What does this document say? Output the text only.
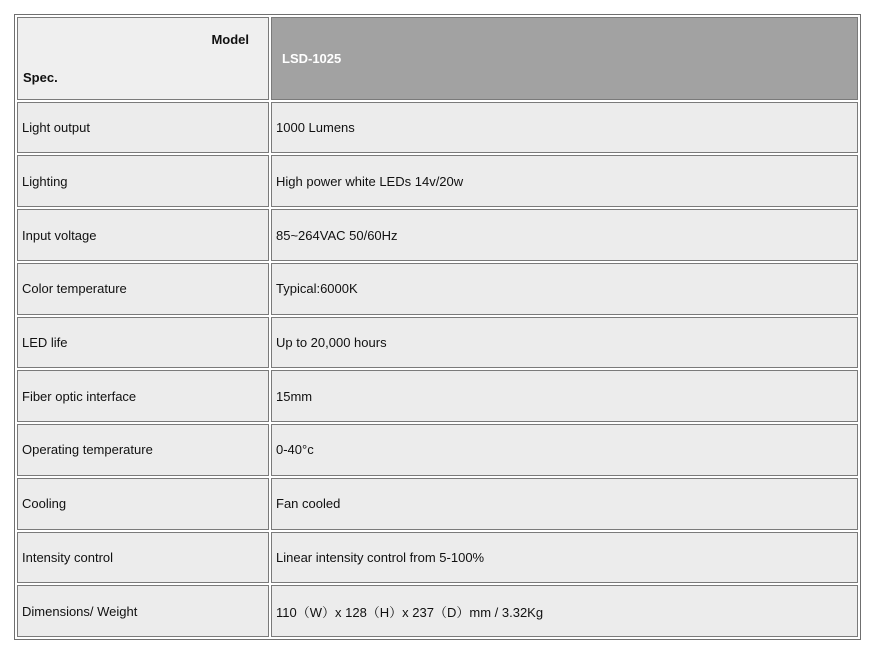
Model
Spec.	LSD-1025
Light output	1000 Lumens
Lighting	High power white LEDs 14v/20w
Input voltage	85~264VAC 50/60Hz
Color temperature	Typical:6000K
LED life	Up to 20,000 hours
Fiber optic interface	15mm
Operating temperature	0-40°c
Cooling	Fan cooled
Intensity control	Linear intensity control from 5-100%
Dimensions/ Weight	110（W）x 128（H）x 237（D）mm / 3.32Kg
